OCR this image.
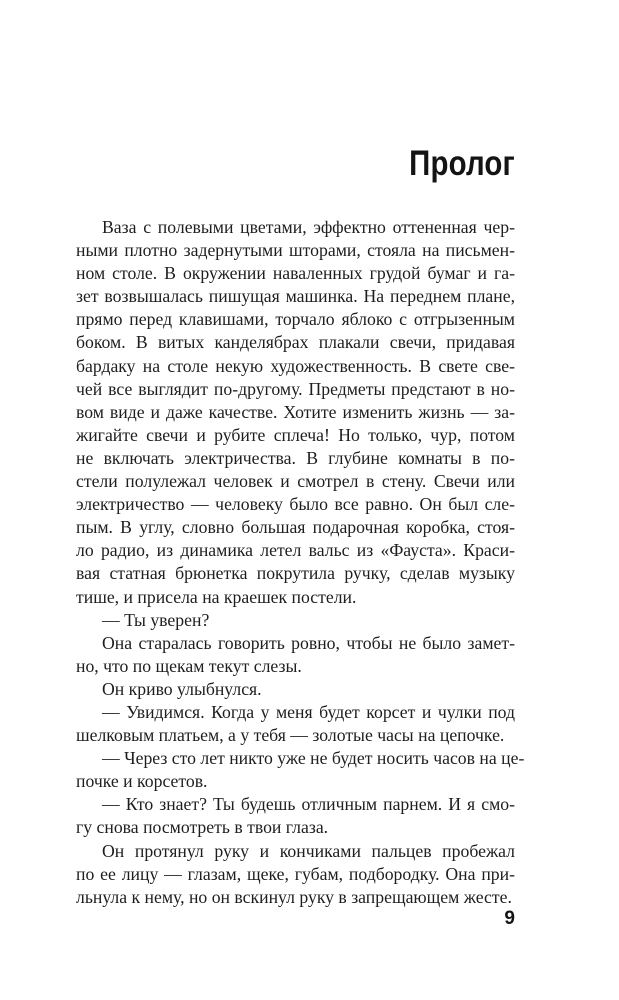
Пролог
Ваза с полевыми цветами, эффектно оттененная чер-
ными плотно задернутыми шторами, стояла на письмен-
ном столе. В окружении наваленных грудой бумаг и га-
зет возвышалась пишущая машинка. На переднем плане,
прямо перед клавишами, торчало яблоко с отгрызенным
боком. В витых канделябрах плакали свечи, придавая
бардаку на столе некую художественность. В свете све-
чей все выглядит по-другому. Предметы предстают в но-
вом виде и даже качестве. Хотите изменить жизнь — за-
жигайте свечи и рубите сплеча! Но только, чур, потом
не включать электричества. В глубине комнаты в по-
стели полулежал человек и смотрел в стену. Свечи или
электричество — человеку было все равно. Он был сле-
пым. В углу, словно большая подарочная коробка, стоя-
ло радио, из динамика летел вальс из «Фауста». Краси-
вая статная брюнетка покрутила ручку, сделав музыку
тише, и присела на краешек постели.
— Ты уверен?
Она старалась говорить ровно, чтобы не было замет-
но, что по щекам текут слезы.
Он криво улыбнулся.
— Увидимся. Когда у меня будет корсет и чулки под
шелковым платьем, а у тебя — золотые часы на цепочке.
— Через сто лет никто уже не будет носить часов на це-
почке и корсетов.
— Кто знает? Ты будешь отличным парнем. И я смо-
гу снова посмотреть в твои глаза.
Он протянул руку и кончиками пальцев пробежал
по ее лицу — глазам, щеке, губам, подбородку. Она при-
льнула к нему, но он вскинул руку в запрещающем жесте.
9
